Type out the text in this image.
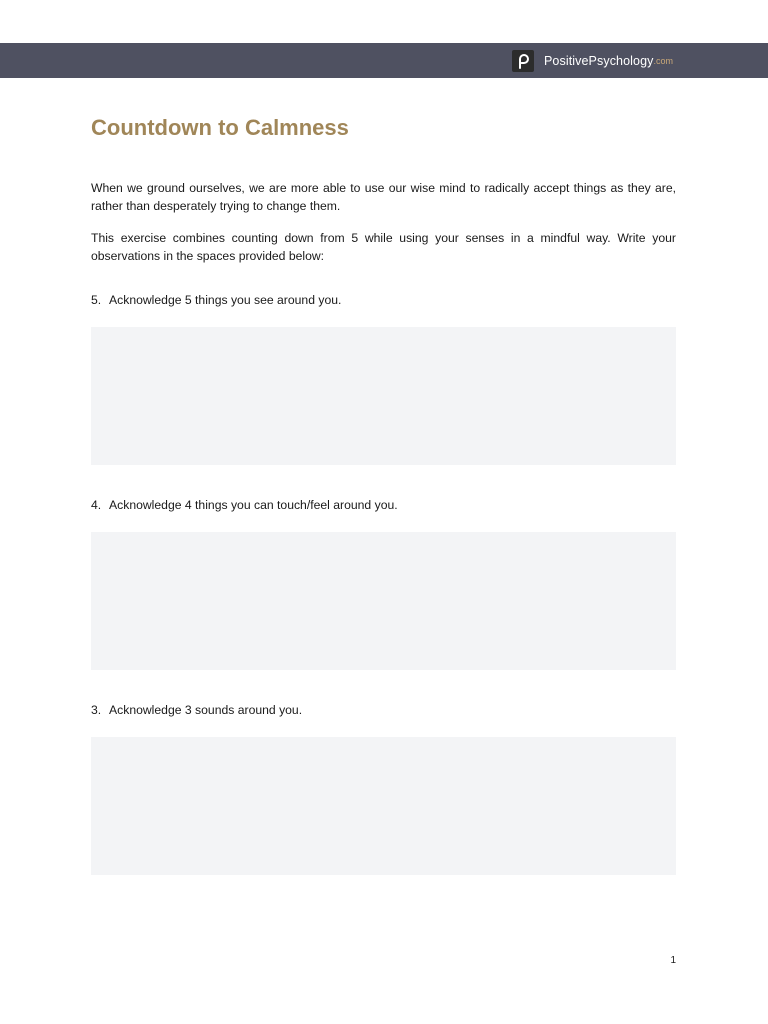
PositivePsychology .com
Countdown to Calmness

When we ground ourselves, we are more able to use our wise mind to radically accept things as they are, rather than desperately trying to change them.

This exercise combines counting down from 5 while using your senses in a mindful way. Write your observations in the spaces provided below:

5. Acknowledge 5 things you see around you.
4. Acknowledge 4 things you can touch/feel around you.
3. Acknowledge 3 sounds around you.
1
